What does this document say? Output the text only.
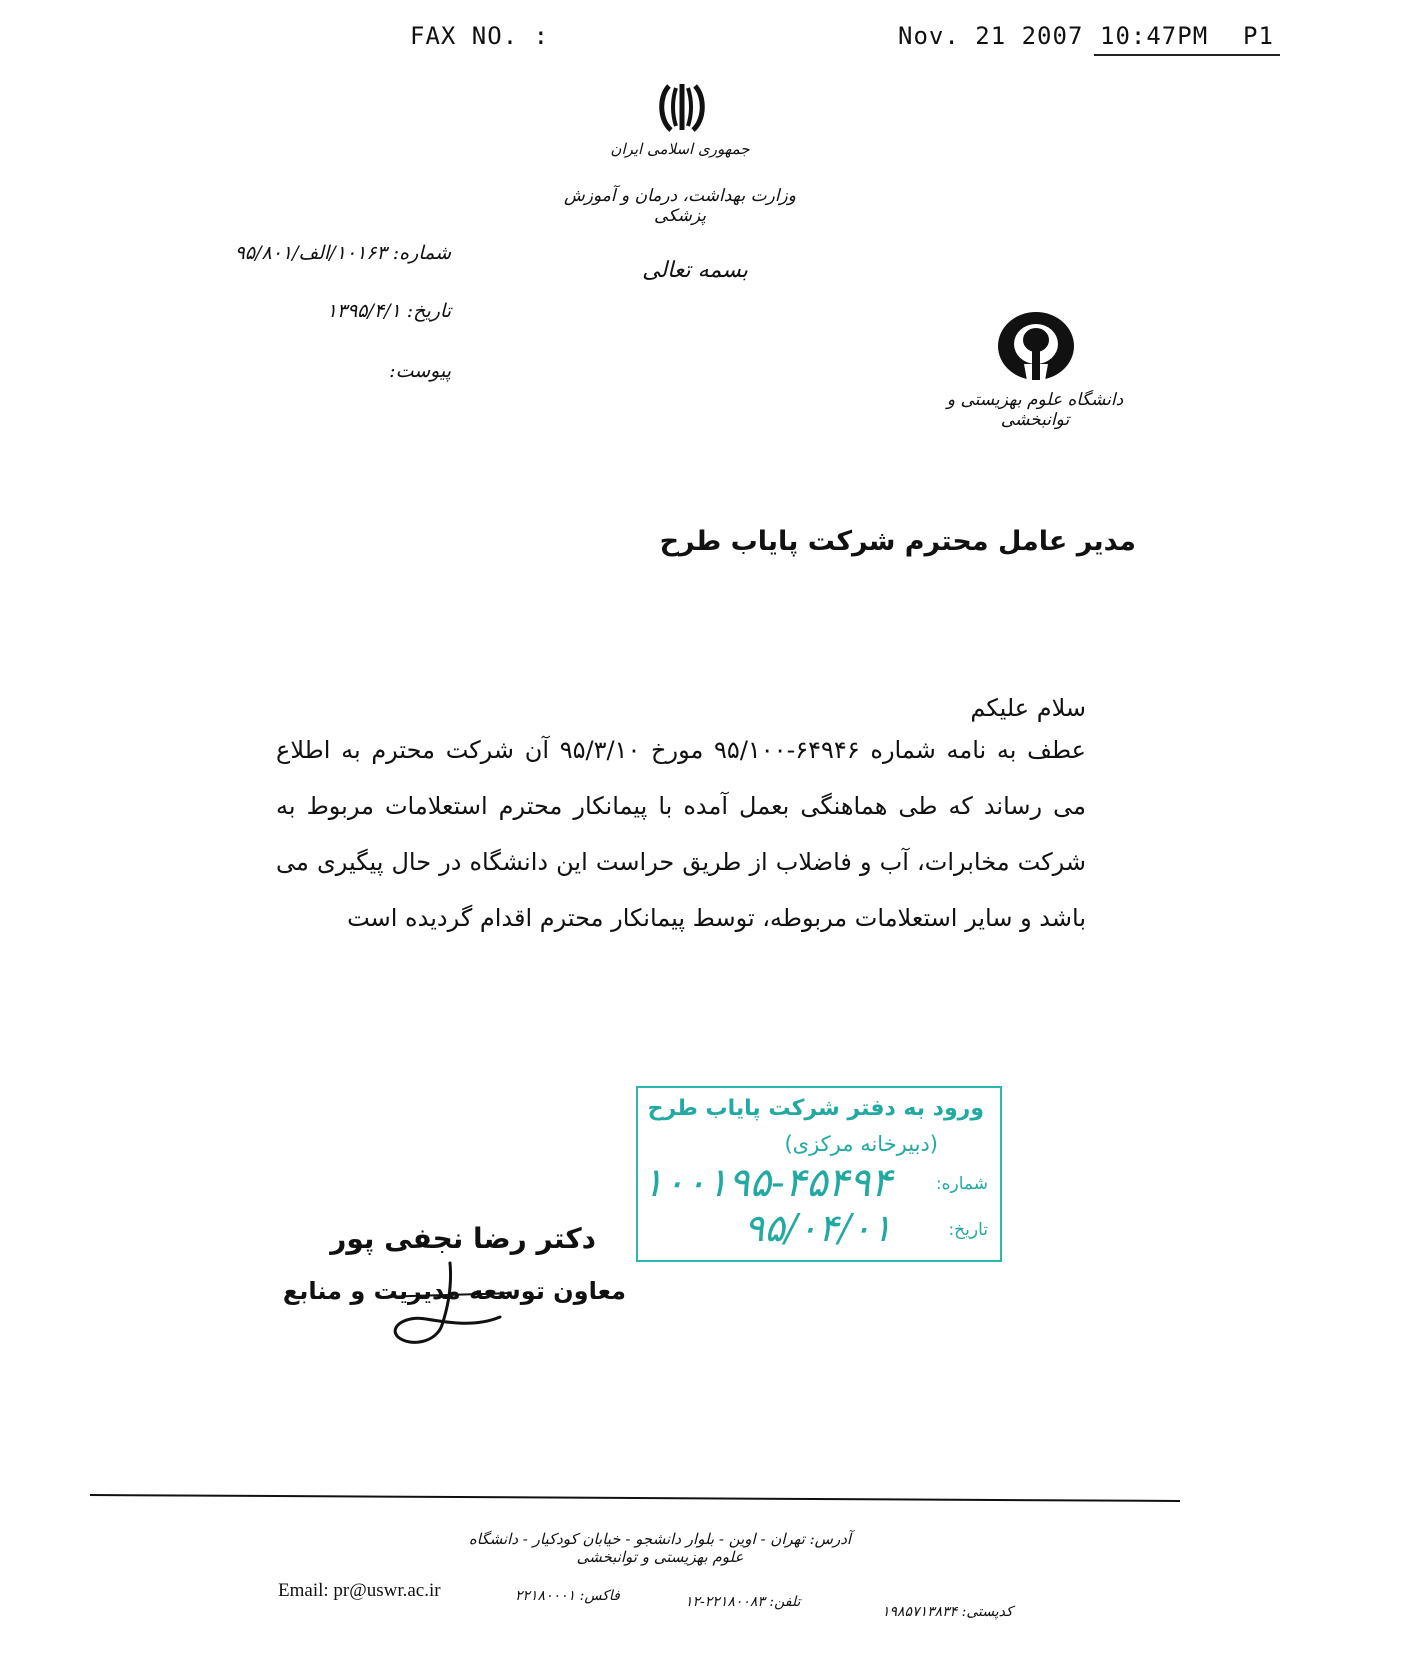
FAX NO. :	Nov. 21 2007 10:47PM P1
جمهوری اسلامی ایران
وزارت بهداشت، درمان و آموزش پزشکی
بسمه تعالی
شماره: ۱۰۱۶۳/الف/۹۵/۸۰۱
تاریخ: ۱۳۹۵/۴/۱
پیوست:
دانشگاه علوم بهزیستی و توانبخشی
مدیر عامل محترم شرکت پایاب طرح
سلام علیکم
عطف به نامه شماره ۶۴۹۴۶-۹۵/۱۰۰ مورخ ۹۵/۳/۱۰ آن شرکت محترم به اطلاع می رساند که طی هماهنگی بعمل آمده با پیمانکار محترم استعلامات مربوط به شرکت مخابرات، آب و فاضلاب از طریق حراست این دانشگاه در حال پیگیری می باشد و سایر استعلامات مربوطه، توسط پیمانکار محترم اقدام گردیده است
ورود به دفتر شرکت پایاب طرح
(دبیرخانه مرکزی)
شماره:
۱۰۰۱۹۵-۴۵۴۹۴
تاریخ:
۹۵/۰۴/۰۱
دکتر رضا نجفی پور
معاون توسعه مدیریت و منابع
آدرس: تهران - اوین - بلوار دانشجو - خیابان کودکیار - دانشگاه علوم بهزیستی و توانبخشی
Email: pr@uswr.ac.ir	فاکس: ۲۲۱۸۰۰۰۱	تلفن: ۲۲۱۸۰۰۸۳-۱۲
کدپستی: ۱۹۸۵۷۱۳۸۳۴
